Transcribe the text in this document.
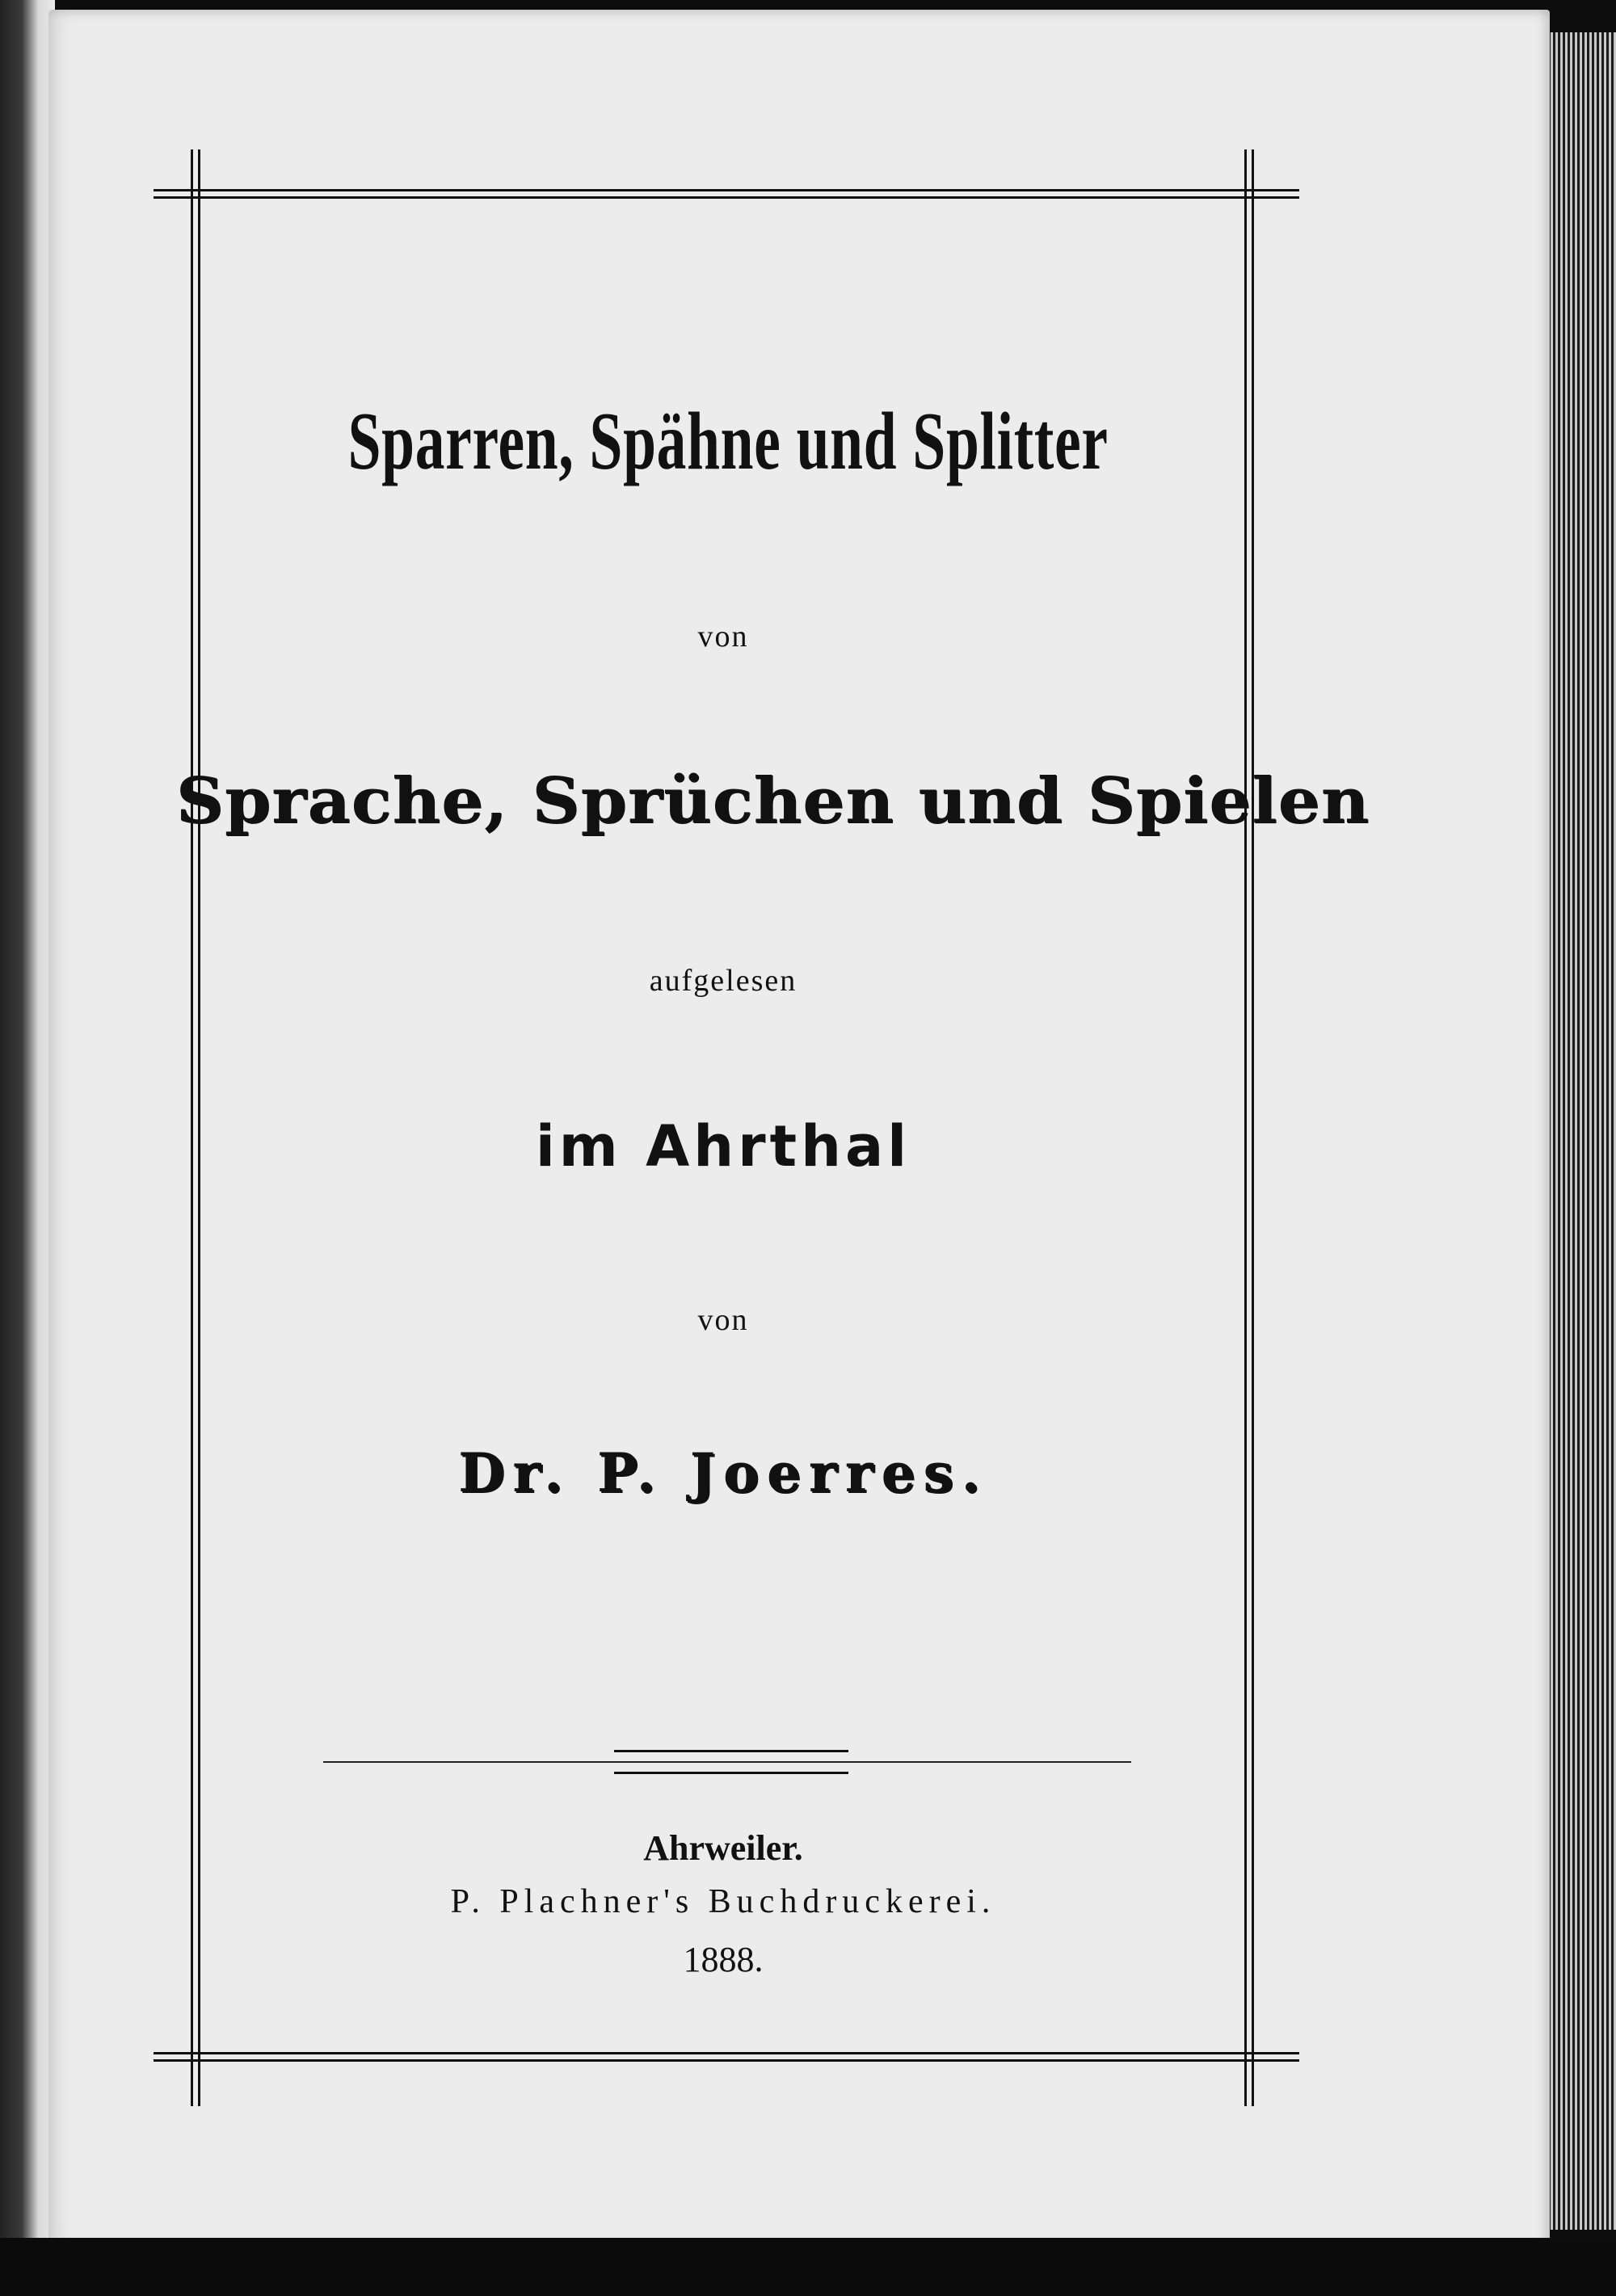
Sparren, Spähne und Splitter
von
Sprache, Sprüchen und Spielen
aufgelesen
im Ahrthal
von
Dr. P. Joerres.
Ahrweiler.
P. Plachner's Buchdruckerei.
1888.
